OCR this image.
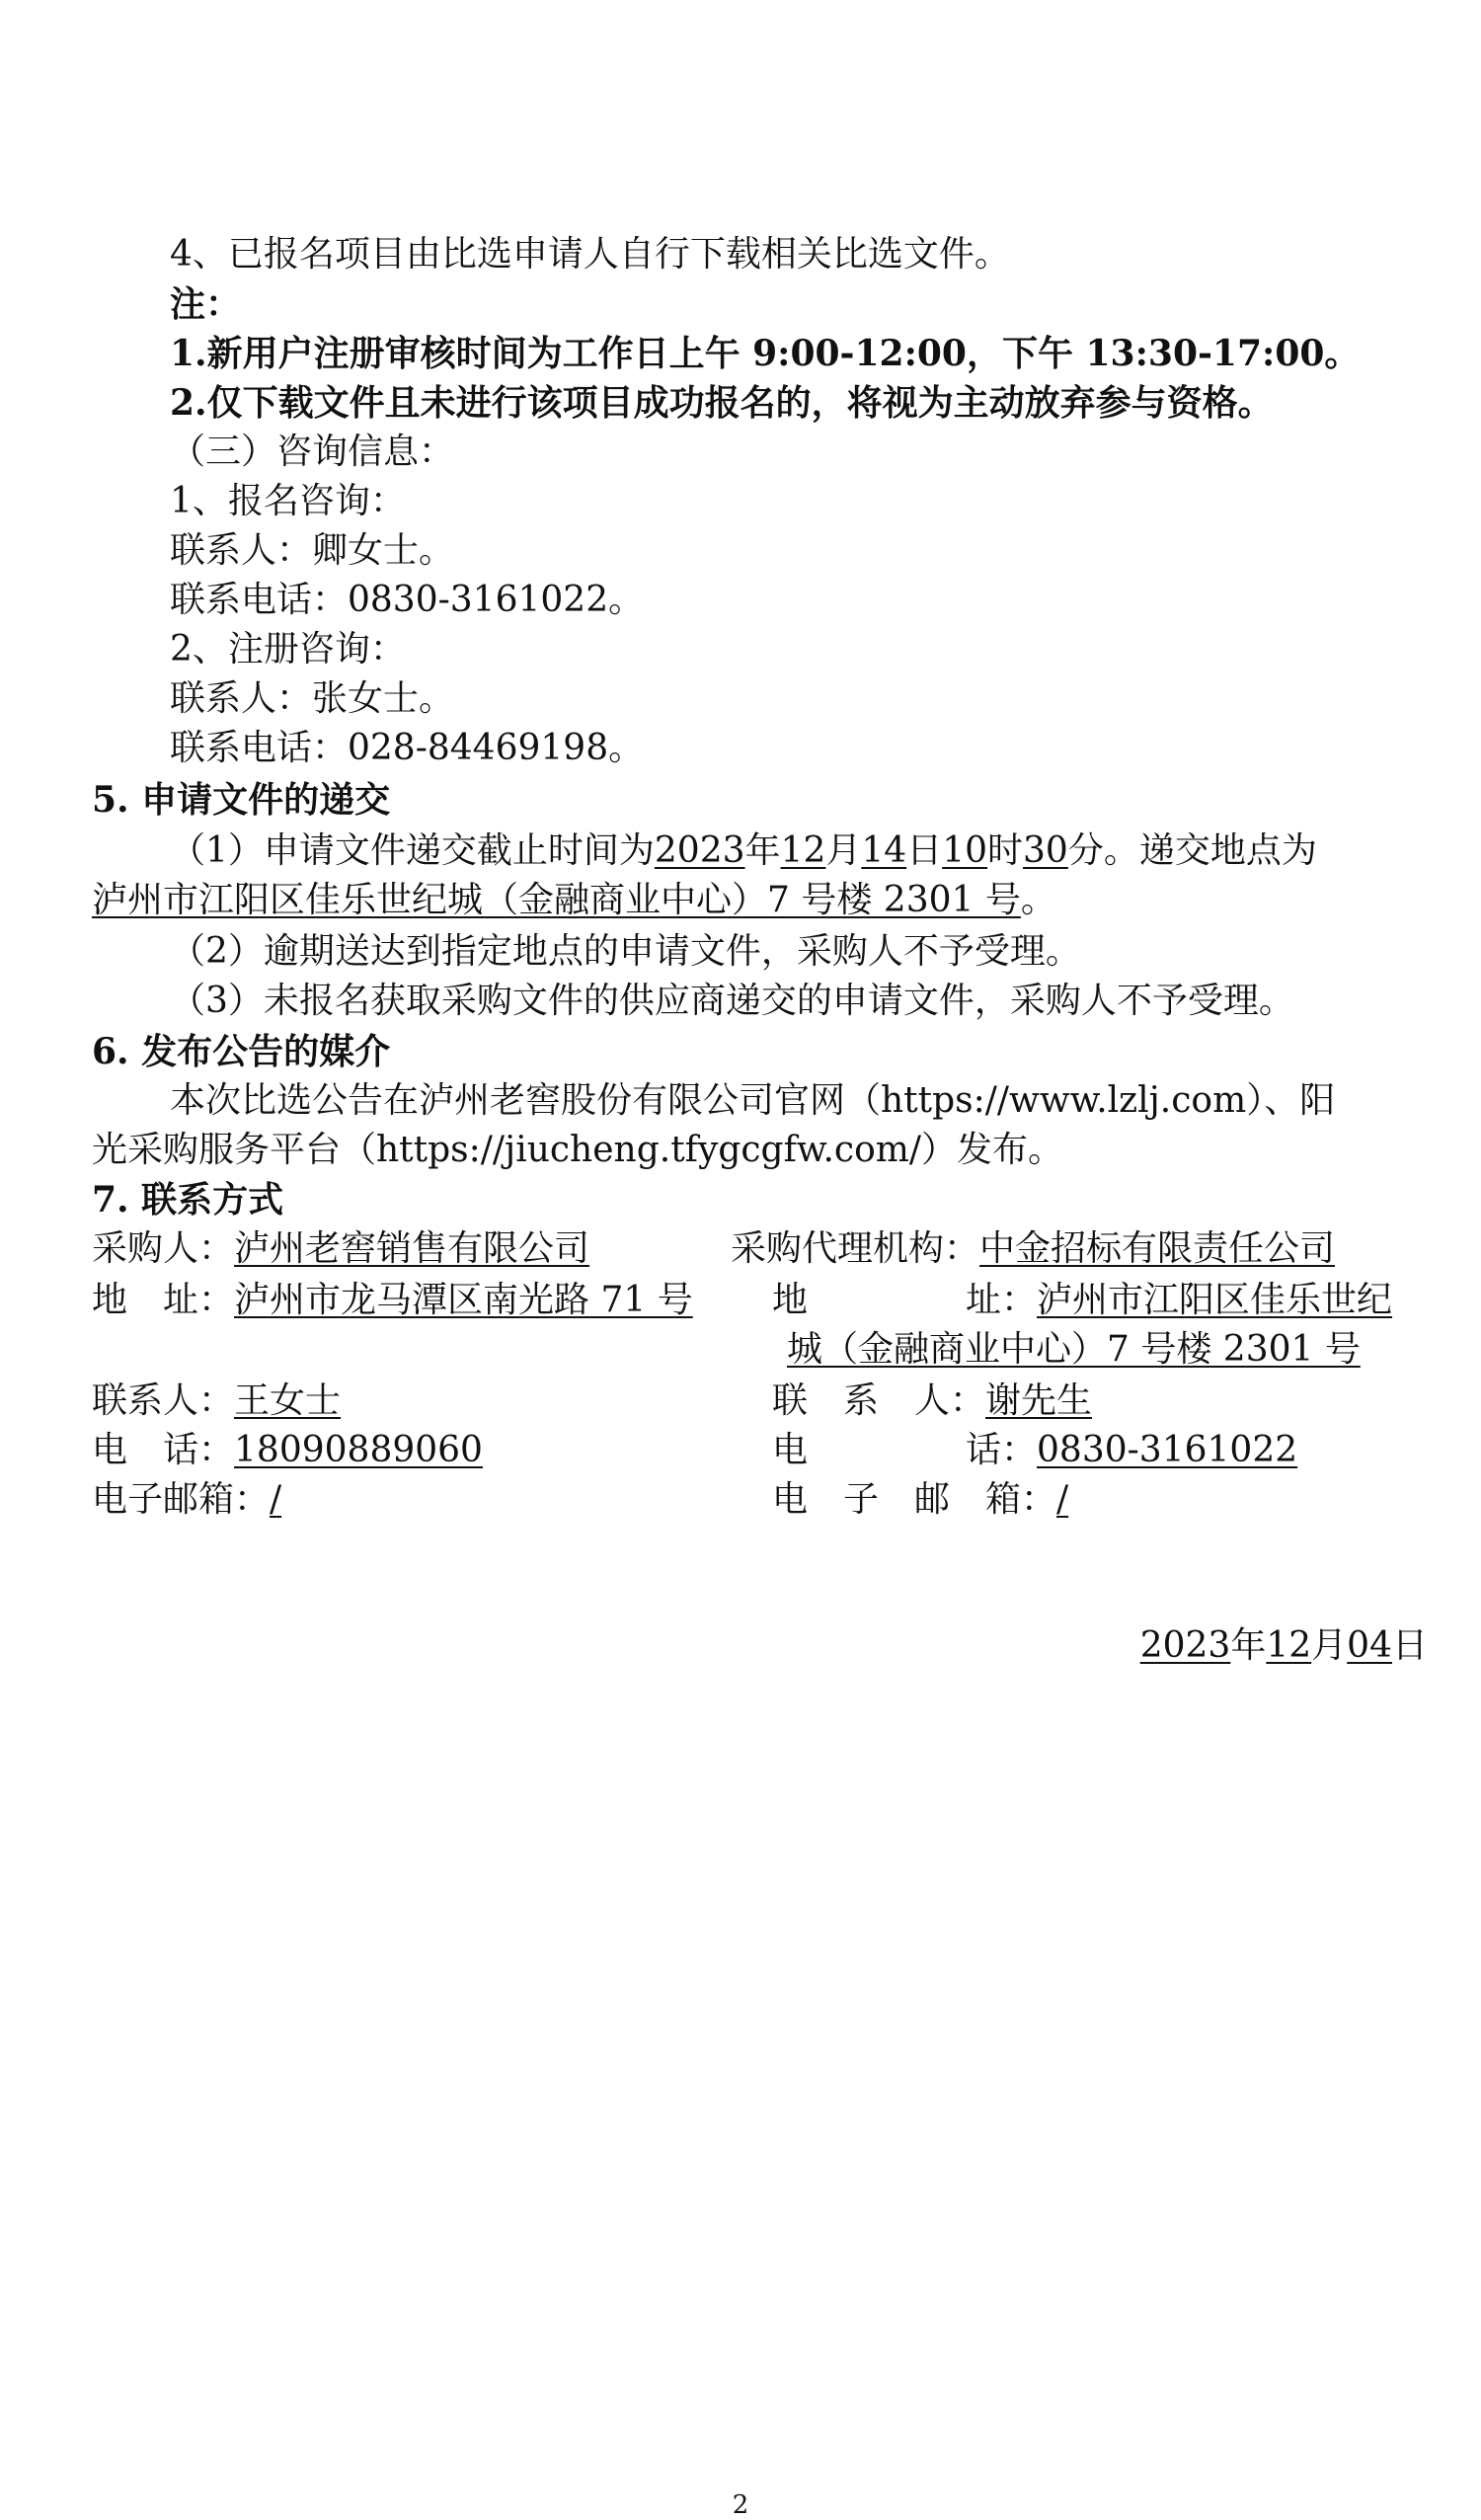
4、已报名项目由比选申请人自行下载相关比选文件。
注：
1.新用户注册审核时间为工作日上午 9:00-12:00，下午 13:30-17:00。
2.仅下载文件且未进行该项目成功报名的，将视为主动放弃参与资格。
（三）咨询信息：
1、报名咨询：
联系人：卿女士。
联系电话：0830-3161022。
2、注册咨询：
联系人：张女士。
联系电话：028-84469198。
5. 申请文件的递交
（1）申请文件递交截止时间为2023年12月14日10时30分。递交地点为
泸州市江阳区佳乐世纪城（金融商业中心）7 号楼 2301 号。
（2）逾期送达到指定地点的申请文件，采购人不予受理。
（3）未报名获取采购文件的供应商递交的申请文件，采购人不予受理。
6. 发布公告的媒介
本次比选公告在泸州老窖股份有限公司官网（https://www.lzlj.com）、阳
光采购服务平台（https://jiucheng.tfygcgfw.com/）发布。
7. 联系方式
采购人：泸州老窖销售有限公司	采购代理机构：中金招标有限责任公司
地　址：泸州市龙马潭区南光路 71 号 地	址：泸州市江阳区佳乐世纪
城（金融商业中心）7 号楼 2301 号
联系人：王女士	联　系　人：谢先生
电　话：18090889060	电	话：0830-3161022
电子邮箱：/	电　子　邮　箱：/
2023年12月04日
2
